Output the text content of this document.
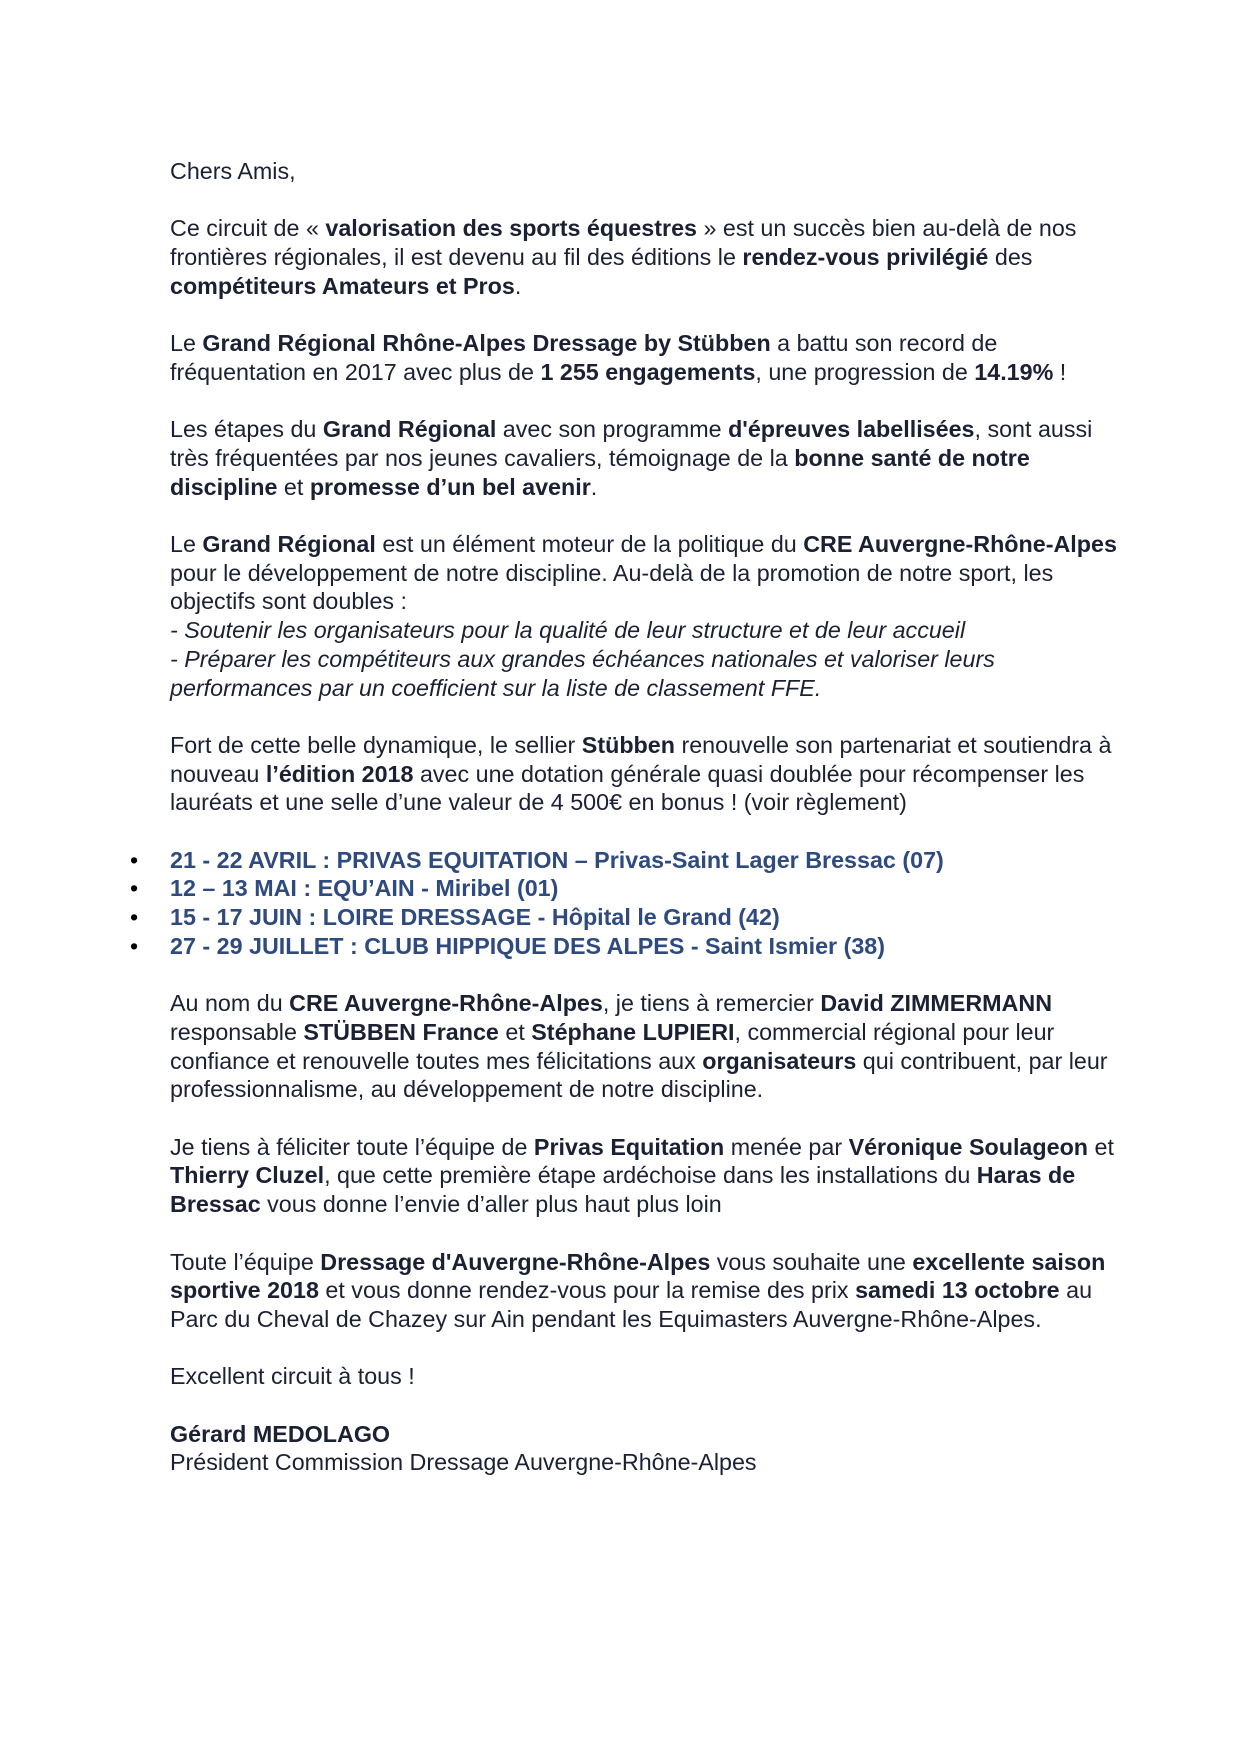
Chers Amis,

Ce circuit de « valorisation des sports équestres » est un succès bien au-delà de nos frontières régionales, il est devenu au fil des éditions le rendez-vous privilégié des compétiteurs Amateurs et Pros.

Le Grand Régional Rhône-Alpes Dressage by Stübben a battu son record de fréquentation en 2017 avec plus de 1 255 engagements, une progression de 14.19% !

Les étapes du Grand Régional avec son programme d'épreuves labellisées, sont aussi très fréquentées par nos jeunes cavaliers, témoignage de la bonne santé de notre discipline et promesse d’un bel avenir.

Le Grand Régional est un élément moteur de la politique du CRE Auvergne-Rhône-Alpes pour le développement de notre discipline. Au-delà de la promotion de notre sport, les objectifs sont doubles :

- Soutenir les organisateurs pour la qualité de leur structure et de leur accueil

- Préparer les compétiteurs aux grandes échéances nationales et valoriser leurs performances par un coefficient sur la liste de classement FFE.

Fort de cette belle dynamique, le sellier Stübben renouvelle son partenariat et soutiendra à nouveau l’édition 2018 avec une dotation générale quasi doublée pour récompenser les lauréats et une selle d’une valeur de 4 500€ en bonus ! (voir règlement)

• 21 - 22 AVRIL : PRIVAS EQUITATION – Privas-Saint Lager Bressac (07)
• 12 – 13 MAI : EQU’AIN - Miribel (01)
• 15 - 17 JUIN : LOIRE DRESSAGE - Hôpital le Grand (42)
• 27 - 29 JUILLET : CLUB HIPPIQUE DES ALPES - Saint Ismier (38)

Au nom du CRE Auvergne-Rhône-Alpes, je tiens à remercier David ZIMMERMANN responsable STÜBBEN France et Stéphane LUPIERI, commercial régional pour leur confiance et renouvelle toutes mes félicitations aux organisateurs qui contribuent, par leur professionnalisme, au développement de notre discipline.

Je tiens à féliciter toute l’équipe de Privas Equitation menée par Véronique Soulageon et Thierry Cluzel, que cette première étape ardéchoise dans les installations du Haras de Bressac vous donne l’envie d’aller plus haut plus loin

Toute l’équipe Dressage d'Auvergne-Rhône-Alpes vous souhaite une excellente saison sportive 2018 et vous donne rendez-vous pour la remise des prix samedi 13 octobre au Parc du Cheval de Chazey sur Ain pendant les Equimasters Auvergne-Rhône-Alpes.

Excellent circuit à tous !

Gérard MEDOLAGO

Président Commission Dressage Auvergne-Rhône-Alpes
